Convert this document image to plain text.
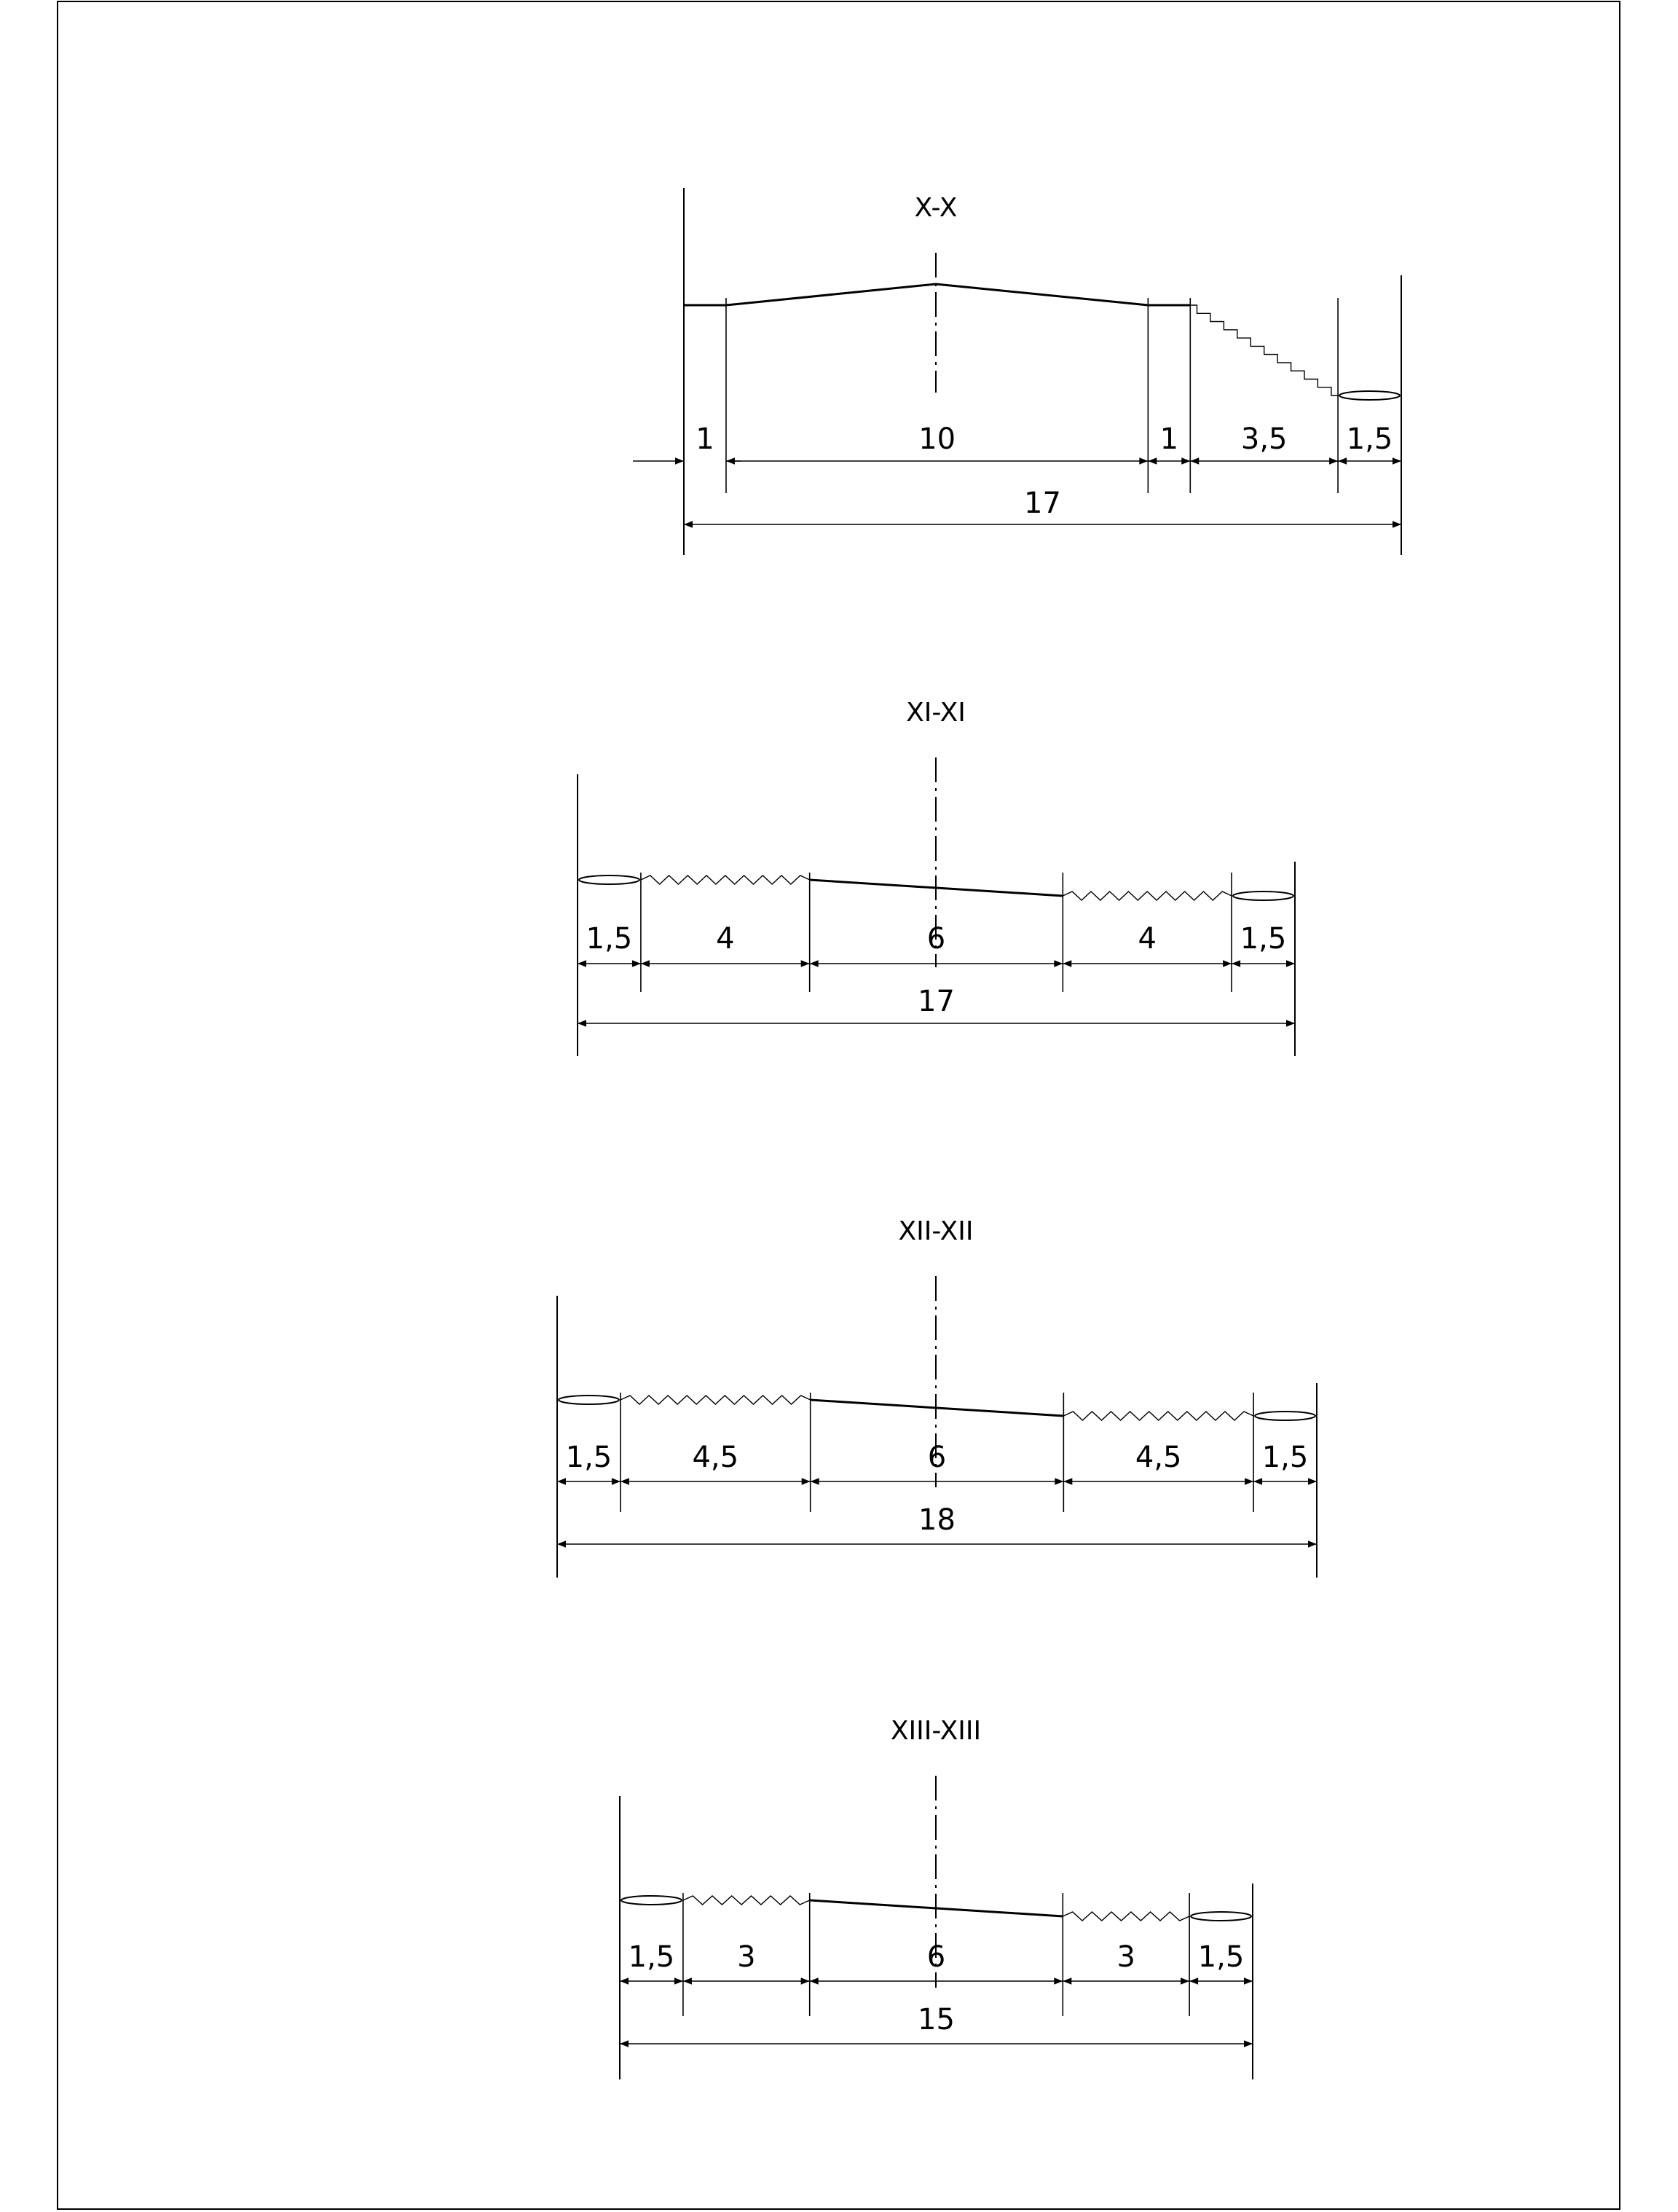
X-X
1	10	1 3,5 1,5
17
XI-XI
1,5	4	6	4	1,5
17
XII-XII
1,5	4,5	6	4,5	1,5
18
XIII-XIII
1,5 3	6	3 1,5
15
